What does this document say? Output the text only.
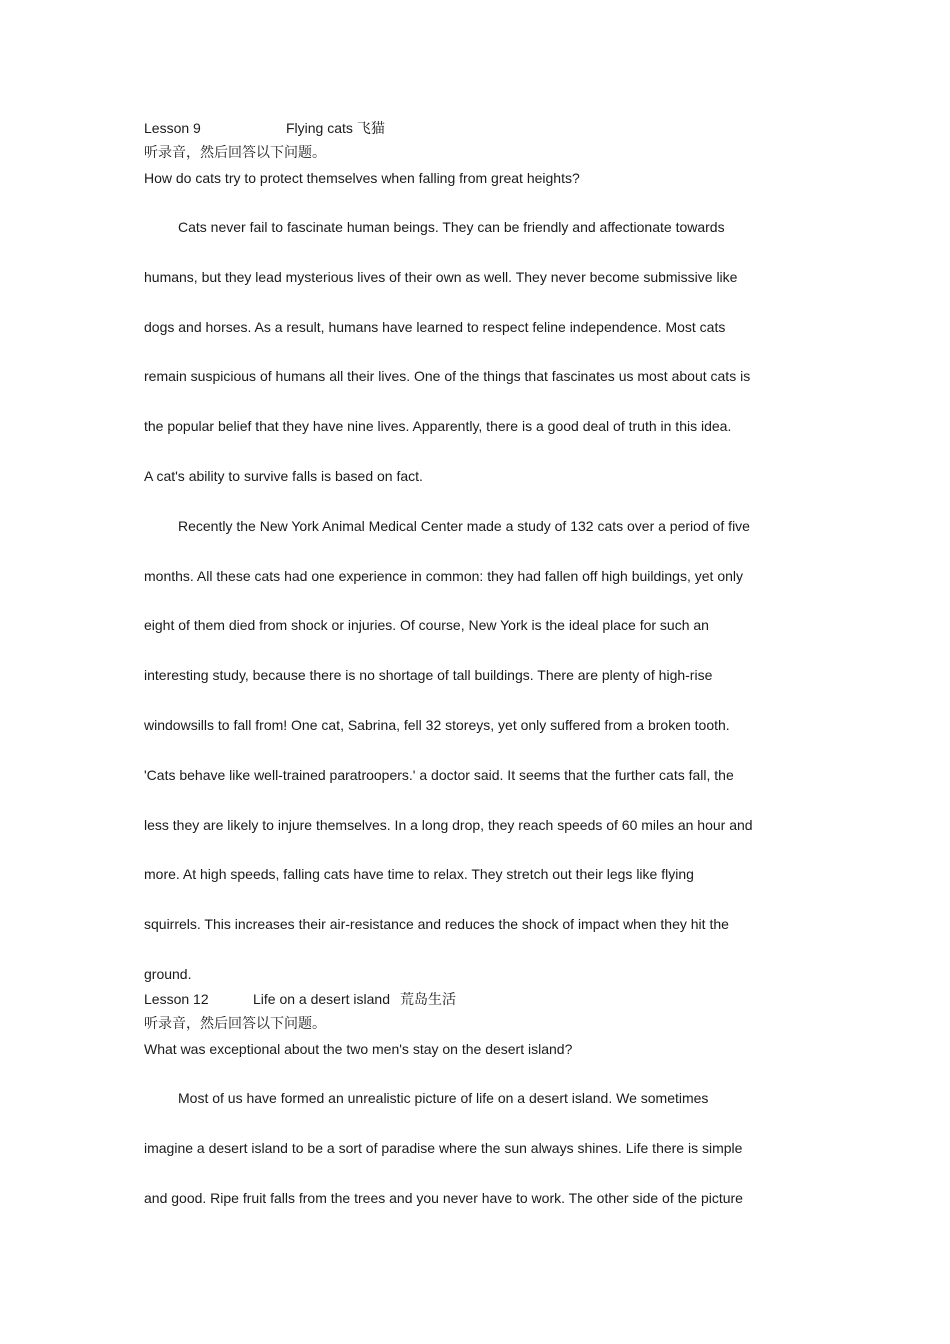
Lesson 9	Flying cats 飞猫
听录音，然后回答以下问题。
How do cats try to protect themselves when falling from great heights?

Cats never fail to fascinate human beings. They can be friendly and affectionate towards
humans, but they lead mysterious lives of their own as well. They never become submissive like
dogs and horses. As a result, humans have learned to respect feline independence. Most cats
remain suspicious of humans all their lives. One of the things that fascinates us most about cats is
the popular belief that they have nine lives. Apparently, there is a good deal of truth in this idea.
A cat's ability to survive falls is based on fact.

Recently the New York Animal Medical Center made a study of 132 cats over a period of five
months. All these cats had one experience in common: they had fallen off high buildings, yet only
eight of them died from shock or injuries. Of course, New York is the ideal place for such an
interesting study, because there is no shortage of tall buildings. There are plenty of high-rise
windowsills to fall from! One cat, Sabrina, fell 32 storeys, yet only suffered from a broken tooth.
'Cats behave like well-trained paratroopers.' a doctor said. It seems that the further cats fall, the
less they are likely to injure themselves. In a long drop, they reach speeds of 60 miles an hour and
more. At high speeds, falling cats have time to relax. They stretch out their legs like flying
squirrels. This increases their air-resistance and reduces the shock of impact when they hit the
ground.

Lesson 12	Life on a desert island 荒岛生活
听录音，然后回答以下问题。
What was exceptional about the two men's stay on the desert island?

Most of us have formed an unrealistic picture of life on a desert island. We sometimes
imagine a desert island to be a sort of paradise where the sun always shines. Life there is simple
and good. Ripe fruit falls from the trees and you never have to work. The other side of the picture
